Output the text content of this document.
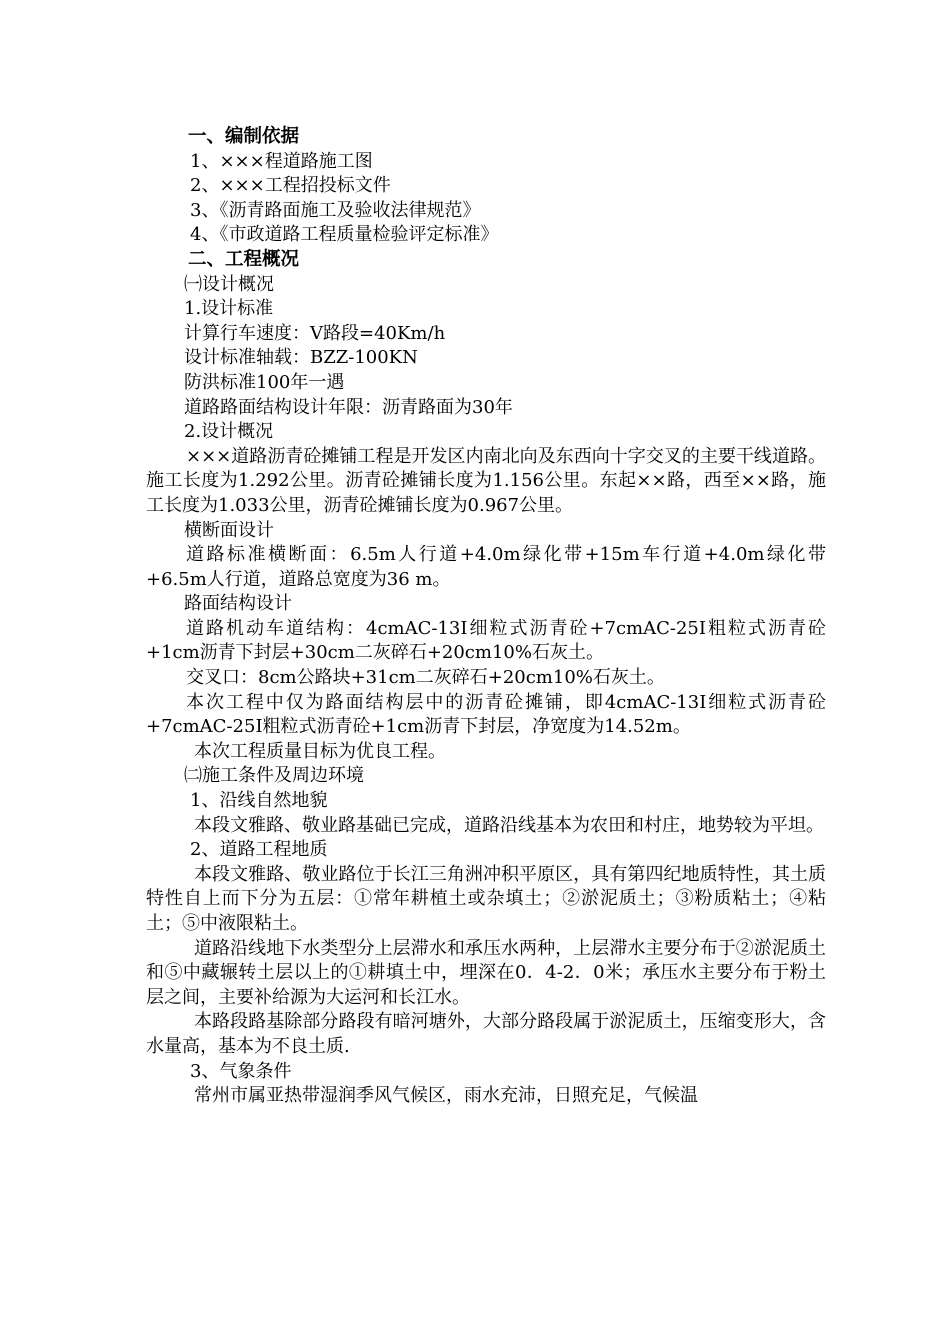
一、编制依据

1、×××程道路施工图

2、×××工程招投标文件

3、《沥青路面施工及验收法律规范》

4、《市政道路工程质量检验评定标准》

二、工程概况

㈠设计概况

1.设计标准

计算行车速度：V路段=40Km/h

设计标准轴载：BZZ-100KN

防洪标准100年一遇

道路路面结构设计年限：沥青路面为30年

2.设计概况

×××道路沥青砼摊铺工程是开发区内南北向及东西向十字交叉的主要干线道路。施工长度为1.292公里。沥青砼摊铺长度为1.156公里。东起××路，西至××路，施工长度为1.033公里，沥青砼摊铺长度为0.967公里。

横断面设计

道路标准横断面：6.5m人行道+4.0m绿化带+15m车行道+4.0m绿化带+6.5m人行道，道路总宽度为36 m。

路面结构设计

道路机动车道结构：4cmAC-13I细粒式沥青砼+7cmAC-25I粗粒式沥青砼+1cm沥青下封层+30cm二灰碎石+20cm10%石灰土。

交叉口：8cm公路块+31cm二灰碎石+20cm10%石灰土。

本次工程中仅为路面结构层中的沥青砼摊铺，即4cmAC-13I细粒式沥青砼+7cmAC-25I粗粒式沥青砼+1cm沥青下封层，净宽度为14.52m。

本次工程质量目标为优良工程。

㈡施工条件及周边环境

1、沿线自然地貌

本段文雅路、敬业路基础已完成，道路沿线基本为农田和村庄，地势较为平坦。

2、道路工程地质

本段文雅路、敬业路位于长江三角洲冲积平原区，具有第四纪地质特性，其土质特性自上而下分为五层：①常年耕植土或杂填土；②淤泥质土；③粉质粘土；④粘土；⑤中液限粘土。

道路沿线地下水类型分上层滞水和承压水两种，上层滞水主要分布于②淤泥质土和⑤中藏辗转土层以上的①耕填土中，埋深在0．4-2．0米；承压水主要分布于粉土层之间，主要补给源为大运河和长江水。

本路段路基除部分路段有暗河塘外，大部分路段属于淤泥质土，压缩变形大，含水量高，基本为不良土质.

3、气象条件

常州市属亚热带湿润季风气候区，雨水充沛，日照充足，气候温
